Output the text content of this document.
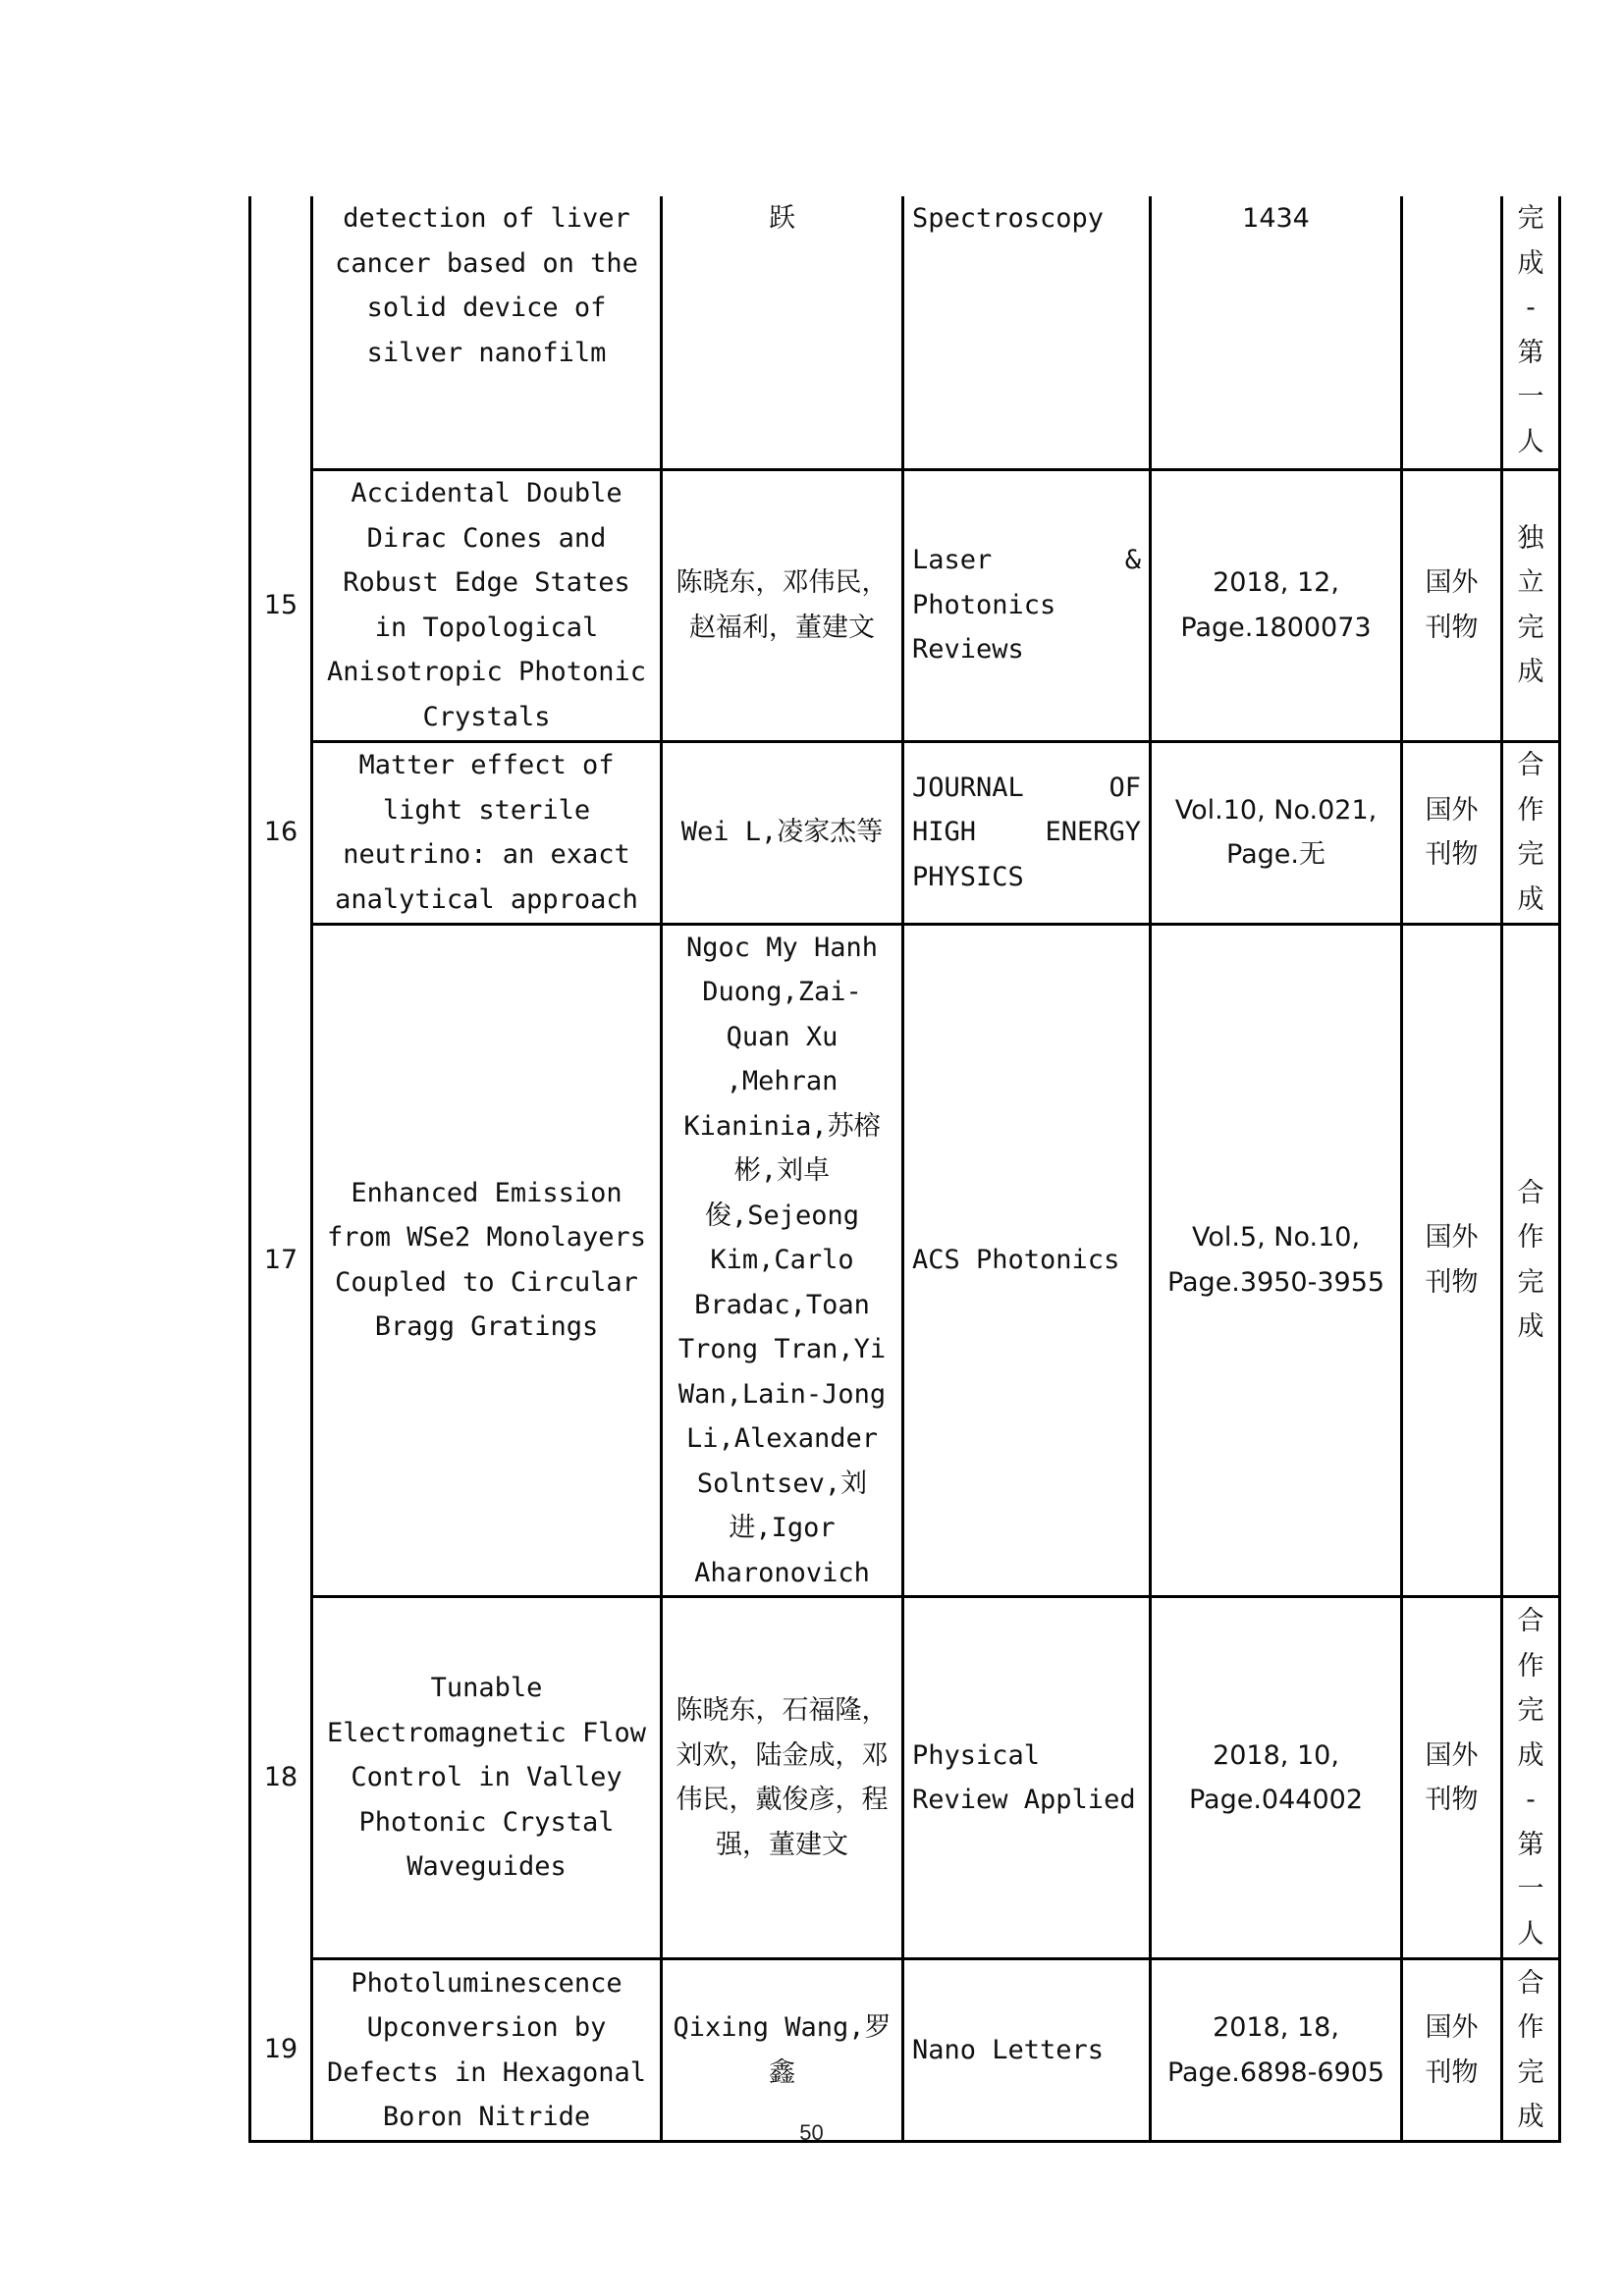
	detection of liver cancer based on the solid device of silver nanofilm	跃	Spectroscopy	1434		完成-第一人

15	Accidental Double Dirac Cones and Robust Edge States in Topological Anisotropic Photonic Crystals	陈晓东，邓伟民，赵福利，董建文	Laser & Photonics Reviews	2018, 12, Page.1800073	国外刊物	独立完成

16	Matter effect of light sterile neutrino: an exact analytical approach	Wei L,凌家杰等	JOURNAL OF HIGH ENERGY PHYSICS	Vol.10, No.021, Page.无	国外刊物	合作完成

17	Enhanced Emission from WSe2 Monolayers Coupled to Circular Bragg Gratings	Ngoc My Hanh Duong,Zai-Quan Xu ,Mehran Kianinia,苏榕彬,刘卓俊,Sejeong Kim,Carlo Bradac,Toan Trong Tran,Yi Wan,Lain-Jong Li,Alexander Solntsev,刘进,Igor Aharonovich	ACS Photonics	Vol.5, No.10, Page.3950-3955	国外刊物	合作完成

18	Tunable Electromagnetic Flow Control in Valley Photonic Crystal Waveguides	陈晓东，石福隆，刘欢，陆金成，邓伟民，戴俊彦，程强，董建文	Physical Review Applied	2018, 10, Page.044002	国外刊物	合作完成-第一人

19	Photoluminescence Upconversion by Defects in Hexagonal Boron Nitride	Qixing Wang,罗鑫	Nano Letters	2018, 18, Page.6898-6905	国外刊物	合作完成
50
